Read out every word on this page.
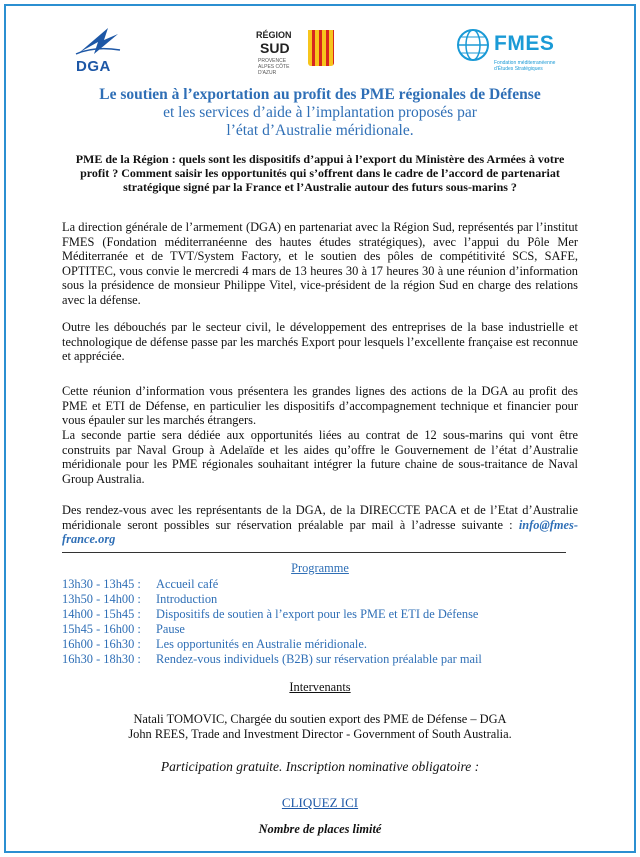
DGA
RÉGION
SUD
PROVENCE ALPES CÔTE D'AZUR
FMES
Fondation méditerranéenne d'Études Stratégiques
Le soutien à l’exportation au profit des PME régionales de Défense
et les services d’aide à l’implantation proposés par
l’état d’Australie méridionale.
PME de la Région : quels sont les dispositifs d’appui à l’export du Ministère des Armées à votre profit ? Comment saisir les opportunités qui s’offrent dans le cadre de l’accord de partenariat stratégique signé par la France et l’Australie autour des futurs sous-marins ?
La direction générale de l’armement (DGA) en partenariat avec la Région Sud, représentés par l’institut FMES (Fondation méditerranéenne des hautes études stratégiques), avec l’appui du Pôle Mer Méditerranée et de TVT/System Factory, et le soutien des pôles de compétitivité SCS, SAFE, OPTITEC, vous convie le mercredi 4 mars de 13 heures 30 à 17 heures 30 à une réunion d’information sous la présidence de monsieur Philippe Vitel, vice-président de la région Sud en charge des relations avec la défense.
Outre les débouchés par le secteur civil, le développement des entreprises de la base industrielle et technologique de défense passe par les marchés Export pour lesquels l’excellente française est reconnue et appréciée.
Cette réunion d’information vous présentera les grandes lignes des actions de la DGA au profit des PME et ETI de Défense, en particulier les dispositifs d’accompagnement technique et financier pour vous épauler sur les marchés étrangers.
La seconde partie sera dédiée aux opportunités liées au contrat de 12 sous-marins qui vont être construits par Naval Group à Adelaïde et les aides qu’offre le Gouvernement de l’état d’Australie méridionale pour les PME régionales souhaitant intégrer la future chaine de sous-traitance de Naval Group Australia.
Des rendez-vous avec les représentants de la DGA, de la DIRECCTE PACA et de l’Etat d’Australie méridionale seront possibles sur réservation préalable par mail à l’adresse suivante : info@fmes-france.org
Programme
13h30 - 13h45 :	Accueil café
13h50 - 14h00 :	Introduction
14h00 - 15h45 :	Dispositifs de soutien à l’export pour les PME et ETI de Défense
15h45 - 16h00 :	Pause
16h00 - 16h30 :	Les opportunités en Australie méridionale.
16h30 - 18h30 :	Rendez-vous individuels (B2B) sur réservation préalable par mail
Intervenants
Natali TOMOVIC, Chargée du soutien export des PME de Défense – DGA
John REES, Trade and Investment Director - Government of South Australia.
Participation gratuite. Inscription nominative obligatoire :
CLIQUEZ ICI
Nombre de places limité
